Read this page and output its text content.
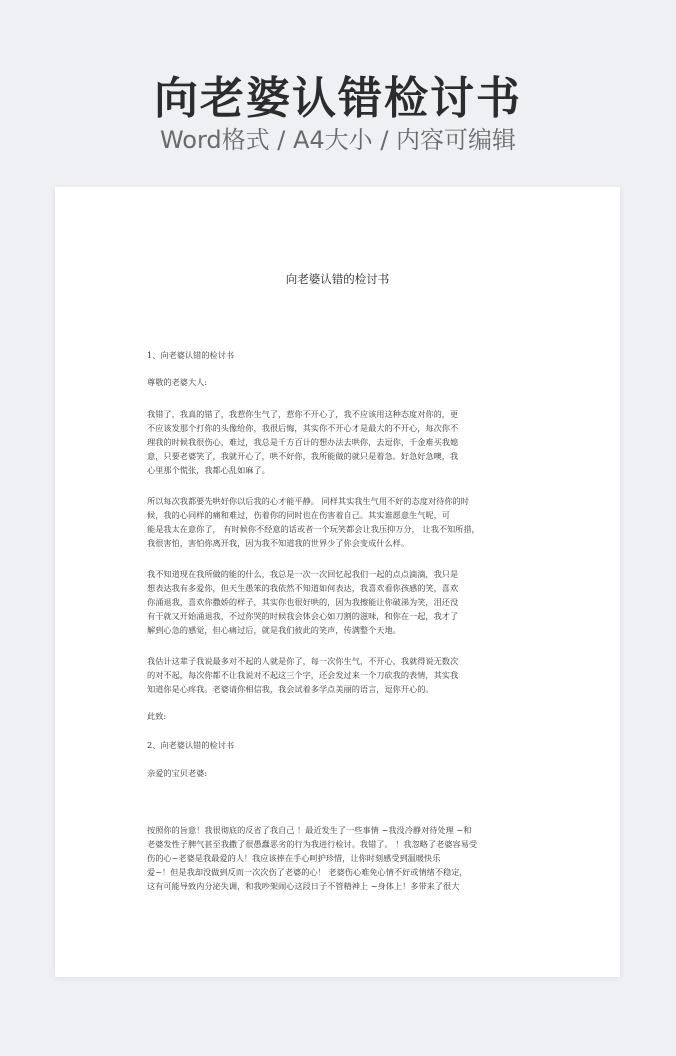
向老婆认错检讨书
Word格式 / A4大小 / 内容可编辑
向老婆认错的检讨书
1、向老婆认错的检讨书
尊敬的老婆大人:
我错了，我真的错了，我惹你生气了，惹你不开心了，我不应该用这种态度对你的，更
不应该发那个打你的头像给你，我很后悔，其实你不开心才是最大的不开心，每次你不
理我的时候我很伤心，难过，我总是千方百计的想办法去哄你，去逗你，千金难买我媳
意，只要老婆笑了，我就开心了，哄不好你，我所能做的就只是着急。好急好急噢，我
心里那个慌张，我都心乱如麻了。
所以每次我都要先哄好你以后我的心才能平静。 同样其实我生气用不好的态度对待你的时
候，我的心同样的痛和难过，伤着你的同时也在伤害着自己。其实谁愿意生气呢，可
能是我太在意你了， 有时候你不经意的话或者一个玩笑都会让我压抑万分， 让我不知所措，
我很害怕，害怕你离开我，因为我不知道我的世界少了你会变成什么样。
我不知道现在我所做的能的什么，我总是一次一次回忆起我们一起的点点滴滴，我只是
想表达我有多爱你，但天生愚笨的我依然不知道如何表达，我喜欢看你孩感的笑，喜欢
你涌退我，喜欢你撒娇的样子，其实你也很好哄的，因为我擦能让你破涕为笑，泪还没
有干就又开始涌退我，不过你哭的时候我会体会心如刀割的滋味，和你在一起，我才了
解到心急的感觉，但心痛过后，就是我们彼此的笑声，传满整个天地。
我估计这辈子我说最多对不起的人就是你了，每一次你生气，不开心，我就得说无数次
的对不起，每次你都不让我说对不起这三个字，还会发过来一个刀砍我的表情，其实我
知道你是心疼我。老婆请你相信我，我会试着多学点美丽的语言，逗你开心的。
此致:
2、向老婆认错的检讨书
亲爱的宝贝老婆:
按照你的旨意！我很彻底的反省了我自己 ！最近发生了一些事情 ~我没冷静对待处理 ~和
老婆发性子脾气甚至我撒了很愚蠢恶劣的行为我进行检讨。我错了。 ！我忽略了老婆容易受
伤的心~老婆是我最爱的人！我应该捧在手心呵护珍惜，让你时刻感受到温暖快乐
爱~！但是我却没做到反而一次次伤了老婆的心！ 老婆伤心难免心情不好或情绪不稳定，
这有可能导致内分泌失调，和我吵架闹心这段日子不管精神上 ~身体上！多带来了很大
